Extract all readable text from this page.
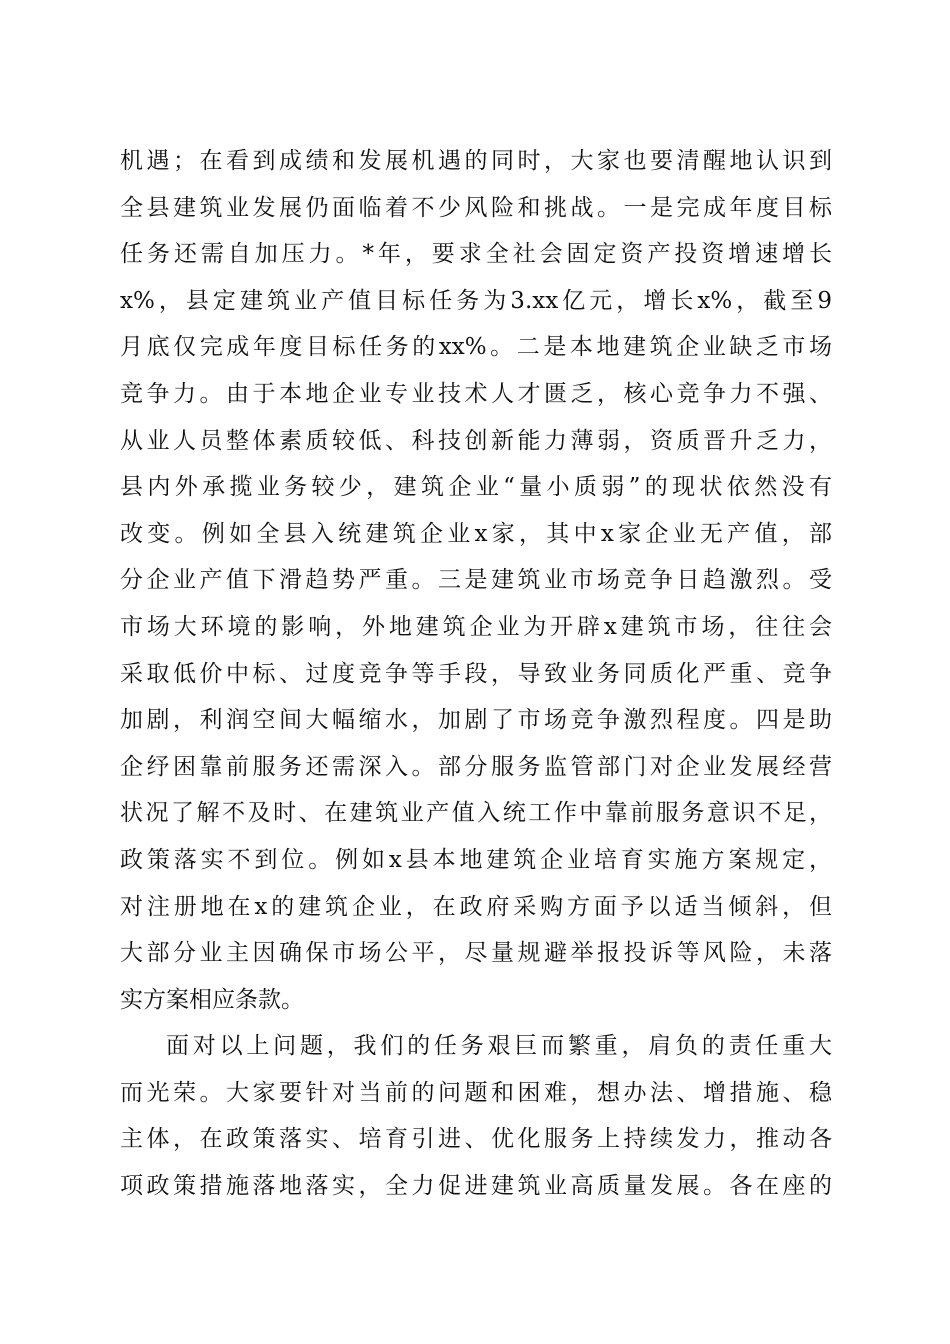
机遇；在看到成绩和发展机遇的同时，大家也要清醒地认识到
全县建筑业发展仍面临着不少风险和挑战。一是完成年度目标
任务还需自加压力。*年，要求全社会固定资产投资增速增长
x%，县定建筑业产值目标任务为3.xx亿元，增长x%，截至9
月底仅完成年度目标任务的xx%。二是本地建筑企业缺乏市场
竞争力。由于本地企业专业技术人才匮乏，核心竞争力不强、
从业人员整体素质较低、科技创新能力薄弱，资质晋升乏力，
县内外承揽业务较少，建筑企业“量小质弱”的现状依然没有
改变。例如全县入统建筑企业x家，其中x家企业无产值，部
分企业产值下滑趋势严重。三是建筑业市场竞争日趋激烈。受
市场大环境的影响，外地建筑企业为开辟x建筑市场，往往会
采取低价中标、过度竞争等手段，导致业务同质化严重、竞争
加剧，利润空间大幅缩水，加剧了市场竞争激烈程度。四是助
企纾困靠前服务还需深入。部分服务监管部门对企业发展经营
状况了解不及时、在建筑业产值入统工作中靠前服务意识不足，
政策落实不到位。例如x县本地建筑企业培育实施方案规定，
对注册地在x的建筑企业，在政府采购方面予以适当倾斜，但
大部分业主因确保市场公平，尽量规避举报投诉等风险，未落
实方案相应条款。
面对以上问题，我们的任务艰巨而繁重，肩负的责任重大
而光荣。大家要针对当前的问题和困难，想办法、增措施、稳
主体，在政策落实、培育引进、优化服务上持续发力，推动各
项政策措施落地落实，全力促进建筑业高质量发展。各在座的
